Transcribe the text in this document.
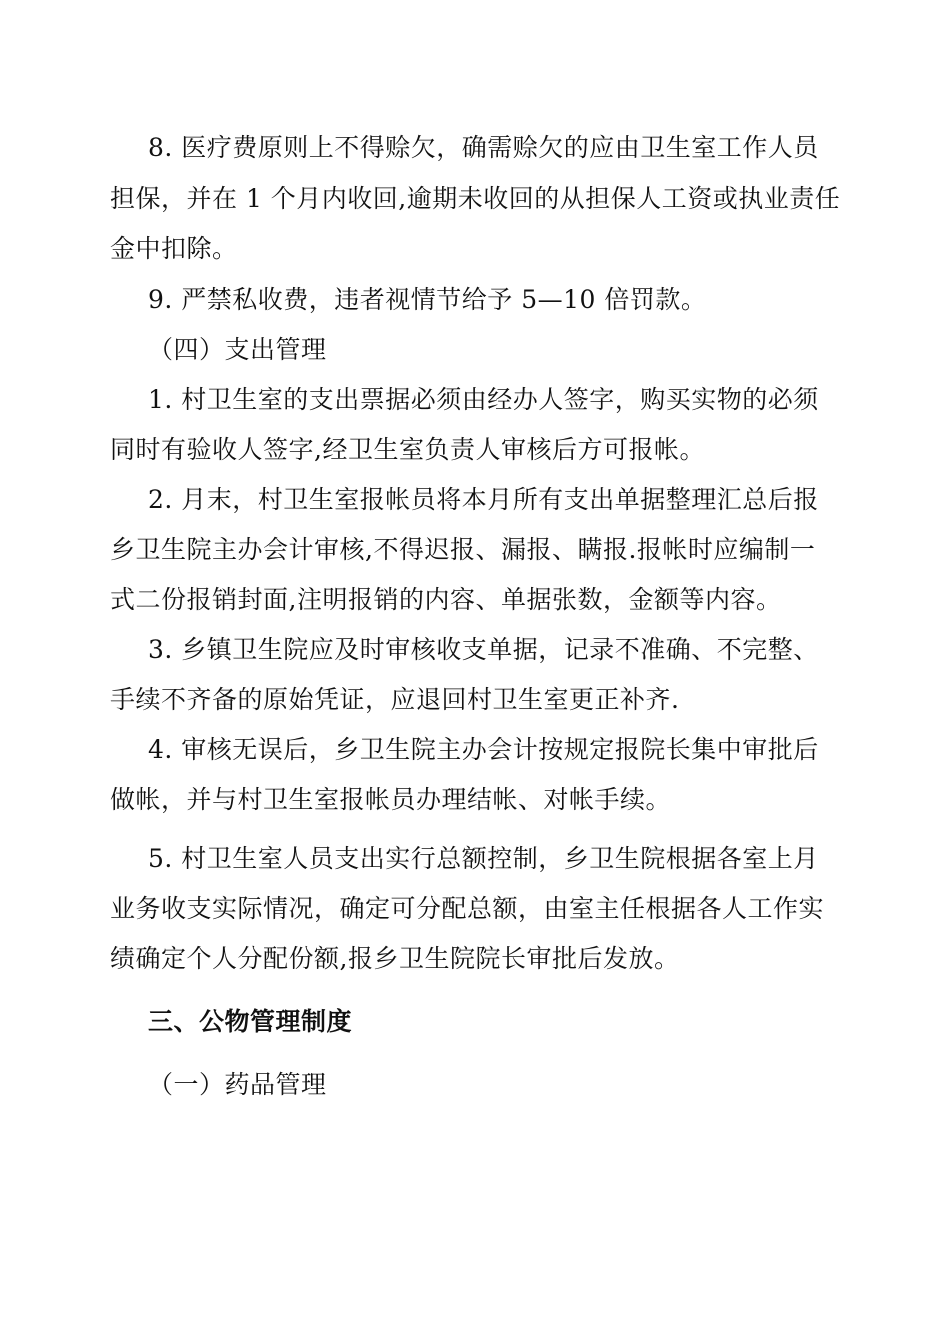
8. 医疗费原则上不得赊欠，确需赊欠的应由卫生室工作人员
担保，并在 1 个月内收回,逾期未收回的从担保人工资或执业责任
金中扣除。
9. 严禁私收费，违者视情节给予 5—10 倍罚款。
（四）支出管理
1. 村卫生室的支出票据必须由经办人签字，购买实物的必须
同时有验收人签字,经卫生室负责人审核后方可报帐。
2. 月末，村卫生室报帐员将本月所有支出单据整理汇总后报
乡卫生院主办会计审核,不得迟报、漏报、瞒报.报帐时应编制一
式二份报销封面,注明报销的内容、单据张数，金额等内容。
3. 乡镇卫生院应及时审核收支单据，记录不准确、不完整、
手续不齐备的原始凭证，应退回村卫生室更正补齐.
4. 审核无误后，乡卫生院主办会计按规定报院长集中审批后
做帐，并与村卫生室报帐员办理结帐、对帐手续。
5. 村卫生室人员支出实行总额控制，乡卫生院根据各室上月
业务收支实际情况，确定可分配总额，由室主任根据各人工作实
绩确定个人分配份额,报乡卫生院院长审批后发放。
三、公物管理制度
（一）药品管理
